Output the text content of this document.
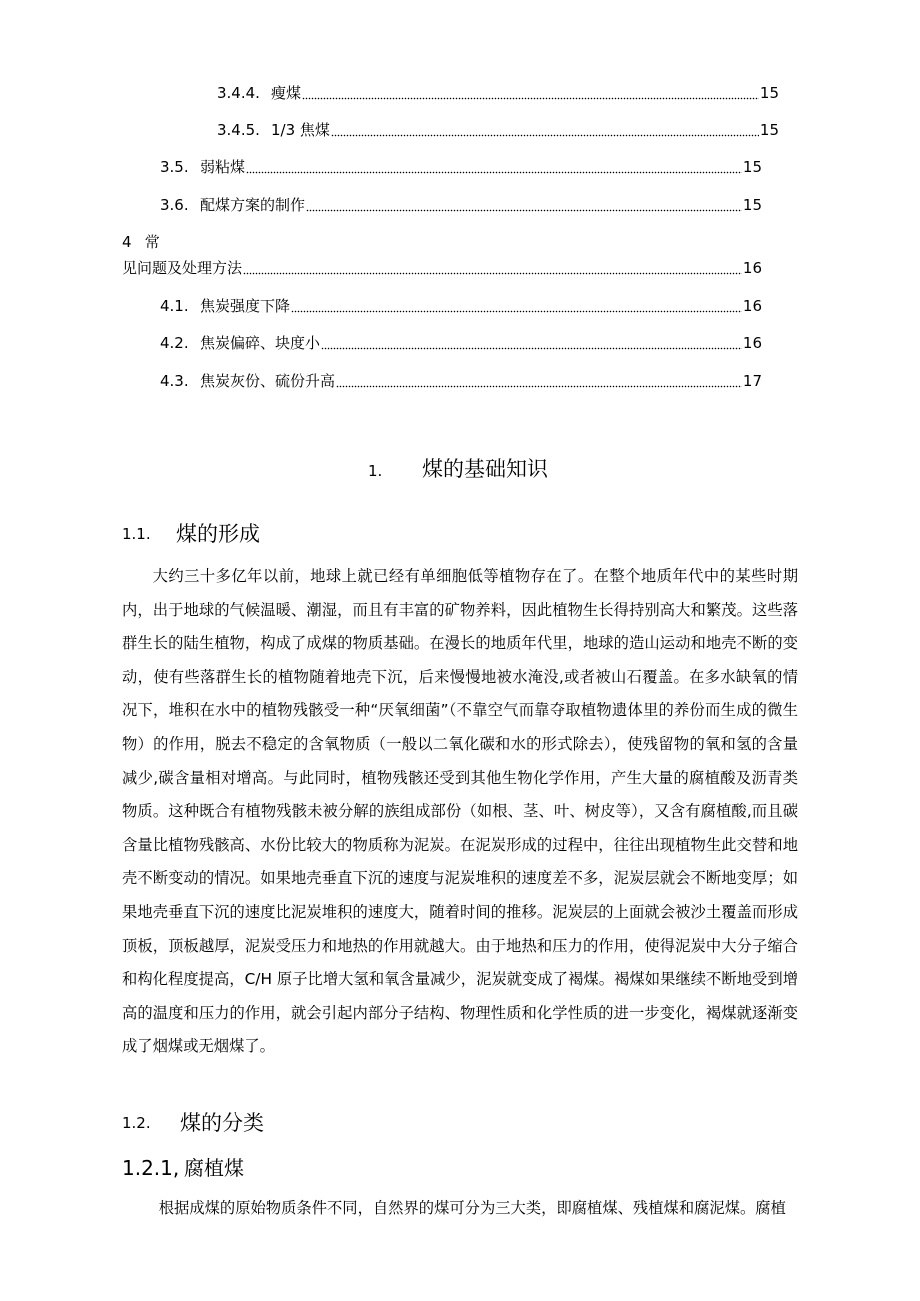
3.4.4. 瘦煤	15
3.4.5. 1/3 焦煤	15
3.5. 弱粘煤	15
3.6. 配煤方案的制作	15
4 常
见问题及处理方法	16
4.1. 焦炭强度下降	16
4.2. 焦炭偏碎、块度小	16
4.3. 焦炭灰份、硫份升高	17
1. 煤的基础知识
1.1. 煤的形成

大约三十多亿年以前，地球上就已经有单细胞低等植物存在了。在整个地质年代中的某些时期内，出于地球的气候温暖、潮湿，而且有丰富的矿物养料，因此植物生长得持别高大和繁茂。这些落群生长的陆生植物，构成了成煤的物质基础。在漫长的地质年代里，地球的造山运动和地壳不断的变动，使有些落群生长的植物随着地壳下沉，后来慢慢地被水淹没,或者被山石覆盖。在多水缺氧的情况下，堆积在水中的植物残骸受一种“厌氧细菌”（不靠空气而靠夺取植物遗体里的养份而生成的微生物）的作用，脱去不稳定的含氧物质（一般以二氧化碳和水的形式除去），使残留物的氧和氢的含量减少,碳含量相对增高。与此同时，植物残骸还受到其他生物化学作用，产生大量的腐植酸及沥青类物质。这种既合有植物残骸未被分解的族组成部份（如根、茎、叶、树皮等），又含有腐植酸,而且碳含量比植物残骸高、水份比较大的物质称为泥炭。在泥炭形成的过程中，往往出现植物生此交替和地壳不断变动的情况。如果地壳垂直下沉的速度与泥炭堆积的速度差不多，泥炭层就会不断地变厚；如果地壳垂直下沉的速度比泥炭堆积的速度大，随着时间的推移。泥炭层的上面就会被沙土覆盖而形成顶板，顶板越厚，泥炭受压力和地热的作用就越大。由于地热和压力的作用，使得泥炭中大分子缩合和构化程度提高，C/H 原子比增大氢和氧含量减少，泥炭就变成了褐煤。褐煤如果继续不断地受到增高的温度和压力的作用，就会引起内部分子结构、物理性质和化学性质的进一步变化，褐煤就逐渐变成了烟煤或无烟煤了。

1.2. 煤的分类
1.2.1, 腐植煤

根据成煤的原始物质条件不同，自然界的煤可分为三大类，即腐植煤、残植煤和腐泥煤。腐植
